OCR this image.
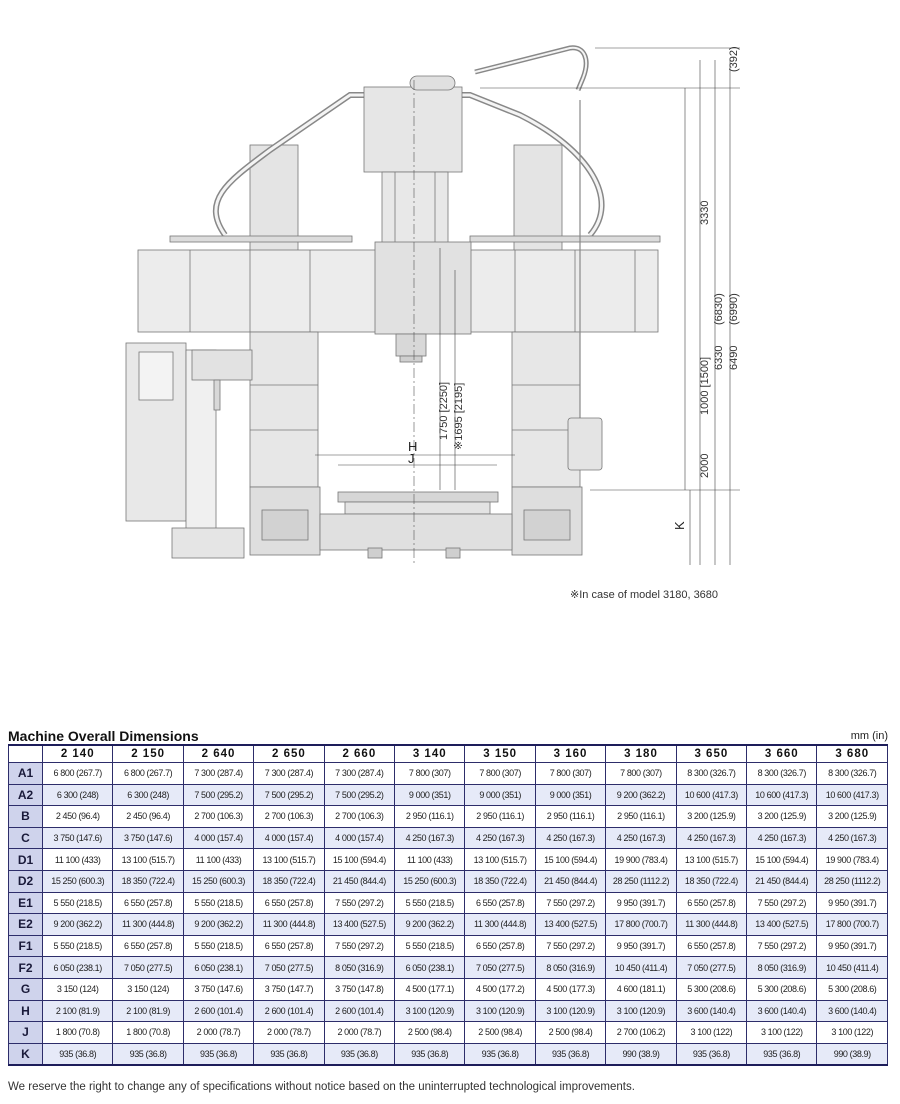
(392)
3330
(6830) (6990)
6330 6490
1000 [1500]
2000
1750 [2250] ※1695 [2195]
H
J
K
※In case of model 3180, 3680
Machine Overall Dimensions	mm (in)
	2 140	2 150	2 640	2 650	2 660	3 140	3 150	3 160	3 180	3 650	3 660	3 680
A1	6 800 (267.7)	6 800 (267.7)	7 300 (287.4)	7 300 (287.4)	7 300 (287.4)	7 800 (307)	7 800 (307)	7 800 (307)	7 800 (307)	8 300 (326.7)	8 300 (326.7)	8 300 (326.7)
A2	6 300 (248)	6 300 (248)	7 500 (295.2)	7 500 (295.2)	7 500 (295.2)	9 000 (351)	9 000 (351)	9 000 (351)	9 200 (362.2)	10 600 (417.3)	10 600 (417.3)	10 600 (417.3)
B	2 450 (96.4)	2 450 (96.4)	2 700 (106.3)	2 700 (106.3)	2 700 (106.3)	2 950 (116.1)	2 950 (116.1)	2 950 (116.1)	2 950 (116.1)	3 200 (125.9)	3 200 (125.9)	3 200 (125.9)
C	3 750 (147.6)	3 750 (147.6)	4 000 (157.4)	4 000 (157.4)	4 000 (157.4)	4 250 (167.3)	4 250 (167.3)	4 250 (167.3)	4 250 (167.3)	4 250 (167.3)	4 250 (167.3)	4 250 (167.3)
D1	11 100 (433)	13 100 (515.7)	11 100 (433)	13 100 (515.7)	15 100 (594.4)	11 100 (433)	13 100 (515.7)	15 100 (594.4)	19 900 (783.4)	13 100 (515.7)	15 100 (594.4)	19 900 (783.4)
D2	15 250 (600.3)	18 350 (722.4)	15 250 (600.3)	18 350 (722.4)	21 450 (844.4)	15 250 (600.3)	18 350 (722.4)	21 450 (844.4)	28 250 (1112.2)	18 350 (722.4)	21 450 (844.4)	28 250 (1112.2)
E1	5 550 (218.5)	6 550 (257.8)	5 550 (218.5)	6 550 (257.8)	7 550 (297.2)	5 550 (218.5)	6 550 (257.8)	7 550 (297.2)	9 950 (391.7)	6 550 (257.8)	7 550 (297.2)	9 950 (391.7)
E2	9 200 (362.2)	11 300 (444.8)	9 200 (362.2)	11 300 (444.8)	13 400 (527.5)	9 200 (362.2)	11 300 (444.8)	13 400 (527.5)	17 800 (700.7)	11 300 (444.8)	13 400 (527.5)	17 800 (700.7)
F1	5 550 (218.5)	6 550 (257.8)	5 550 (218.5)	6 550 (257.8)	7 550 (297.2)	5 550 (218.5)	6 550 (257.8)	7 550 (297.2)	9 950 (391.7)	6 550 (257.8)	7 550 (297.2)	9 950 (391.7)
F2	6 050 (238.1)	7 050 (277.5)	6 050 (238.1)	7 050 (277.5)	8 050 (316.9)	6 050 (238.1)	7 050 (277.5)	8 050 (316.9)	10 450 (411.4)	7 050 (277.5)	8 050 (316.9)	10 450 (411.4)
G	3 150 (124)	3 150 (124)	3 750 (147.6)	3 750 (147.7)	3 750 (147.8)	4 500 (177.1)	4 500 (177.2)	4 500 (177.3)	4 600 (181.1)	5 300 (208.6)	5 300 (208.6)	5 300 (208.6)
H	2 100 (81.9)	2 100 (81.9)	2 600 (101.4)	2 600 (101.4)	2 600 (101.4)	3 100 (120.9)	3 100 (120.9)	3 100 (120.9)	3 100 (120.9)	3 600 (140.4)	3 600 (140.4)	3 600 (140.4)
J	1 800 (70.8)	1 800 (70.8)	2 000 (78.7)	2 000 (78.7)	2 000 (78.7)	2 500 (98.4)	2 500 (98.4)	2 500 (98.4)	2 700 (106.2)	3 100 (122)	3 100 (122)	3 100 (122)
K	935 (36.8)	935 (36.8)	935 (36.8)	935 (36.8)	935 (36.8)	935 (36.8)	935 (36.8)	935 (36.8)	990 (38.9)	935 (36.8)	935 (36.8)	990 (38.9)
We reserve the right to change any of specifications without notice based on the uninterrupted technological improvements.
